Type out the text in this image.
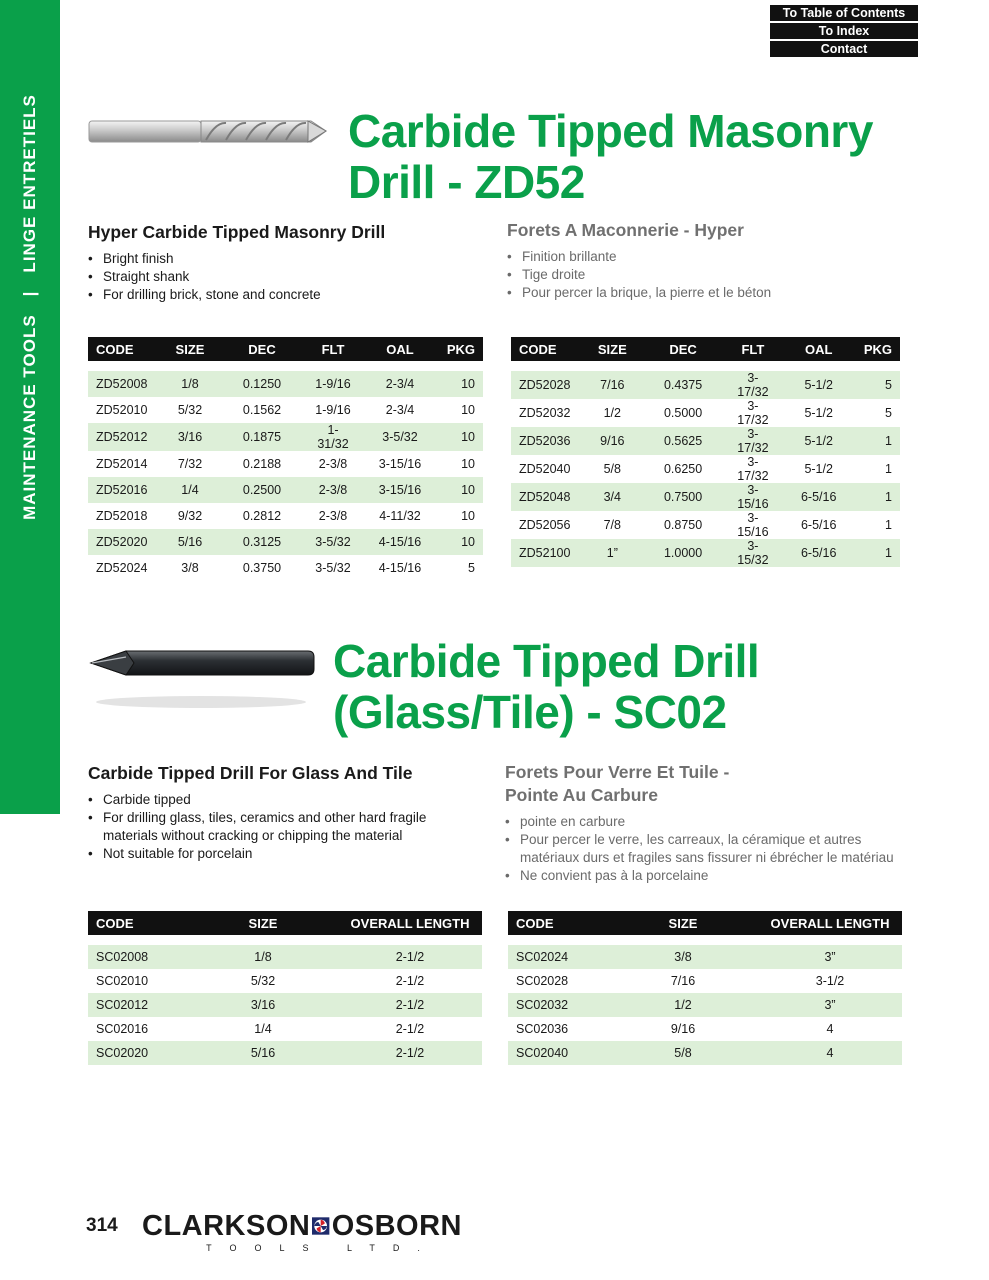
MAINTENANCE TOOLS|LINGE ENTRETIELS
To Table of Contents
To Index
Contact
Carbide Tipped Masonry
Drill - ZD52
Hyper Carbide Tipped Masonry Drill
• Bright finish
• Straight shank
• For drilling brick, stone and concrete
Forets A Maconnerie - Hyper
• Finition brillante
• Tige droite
• Pour percer la brique, la pierre et le béton
CODE	SIZE	DEC	FLT	OAL	PKG

ZD52008	1/8	0.1250	1-9/16	2-3/4	10
ZD52010	5/32	0.1562	1-9/16	2-3/4	10
ZD52012	3/16	0.1875	1-31/32	3-5/32	10
ZD52014	7/32	0.2188	2-3/8	3-15/16	10
ZD52016	1/4	0.2500	2-3/8	3-15/16	10
ZD52018	9/32	0.2812	2-3/8	4-11/32	10
ZD52020	5/16	0.3125	3-5/32	4-15/16	10
ZD52024	3/8	0.3750	3-5/32	4-15/16	5
CODE	SIZE	DEC	FLT	OAL	PKG

ZD52028	7/16	0.4375	3-17/32	5-1/2	5
ZD52032	1/2	0.5000	3-17/32	5-1/2	5
ZD52036	9/16	0.5625	3-17/32	5-1/2	1
ZD52040	5/8	0.6250	3-17/32	5-1/2	1
ZD52048	3/4	0.7500	3-15/16	6-5/16	1
ZD52056	7/8	0.8750	3-15/16	6-5/16	1
ZD52100	1”	1.0000	3-15/32	6-5/16	1
Carbide Tipped Drill
(Glass/Tile) - SC02
Carbide Tipped Drill For Glass And Tile
• Carbide tipped
• For drilling glass, tiles, ceramics and other hard fragile materials without cracking or chipping the material
• Not suitable for porcelain
Forets Pour Verre Et Tuile -
Pointe Au Carbure
• pointe en carbure
• Pour percer le verre, les carreaux, la céramique et autres matériaux durs et fragiles sans fissurer ni ébrécher le matériau
• Ne convient pas à la porcelaine
CODE	SIZE	OVERALL LENGTH

SC02008	1/8	2-1/2
SC02010	5/32	2-1/2
SC02012	3/16	2-1/2
SC02016	1/4	2-1/2
SC02020	5/16	2-1/2
CODE	SIZE	OVERALL LENGTH

SC02024	3/8	3”
SC02028	7/16	3-1/2
SC02032	1/2	3”
SC02036	9/16	4
SC02040	5/8	4
314 CLARKSON OSBORN
TOOLS LTD.
